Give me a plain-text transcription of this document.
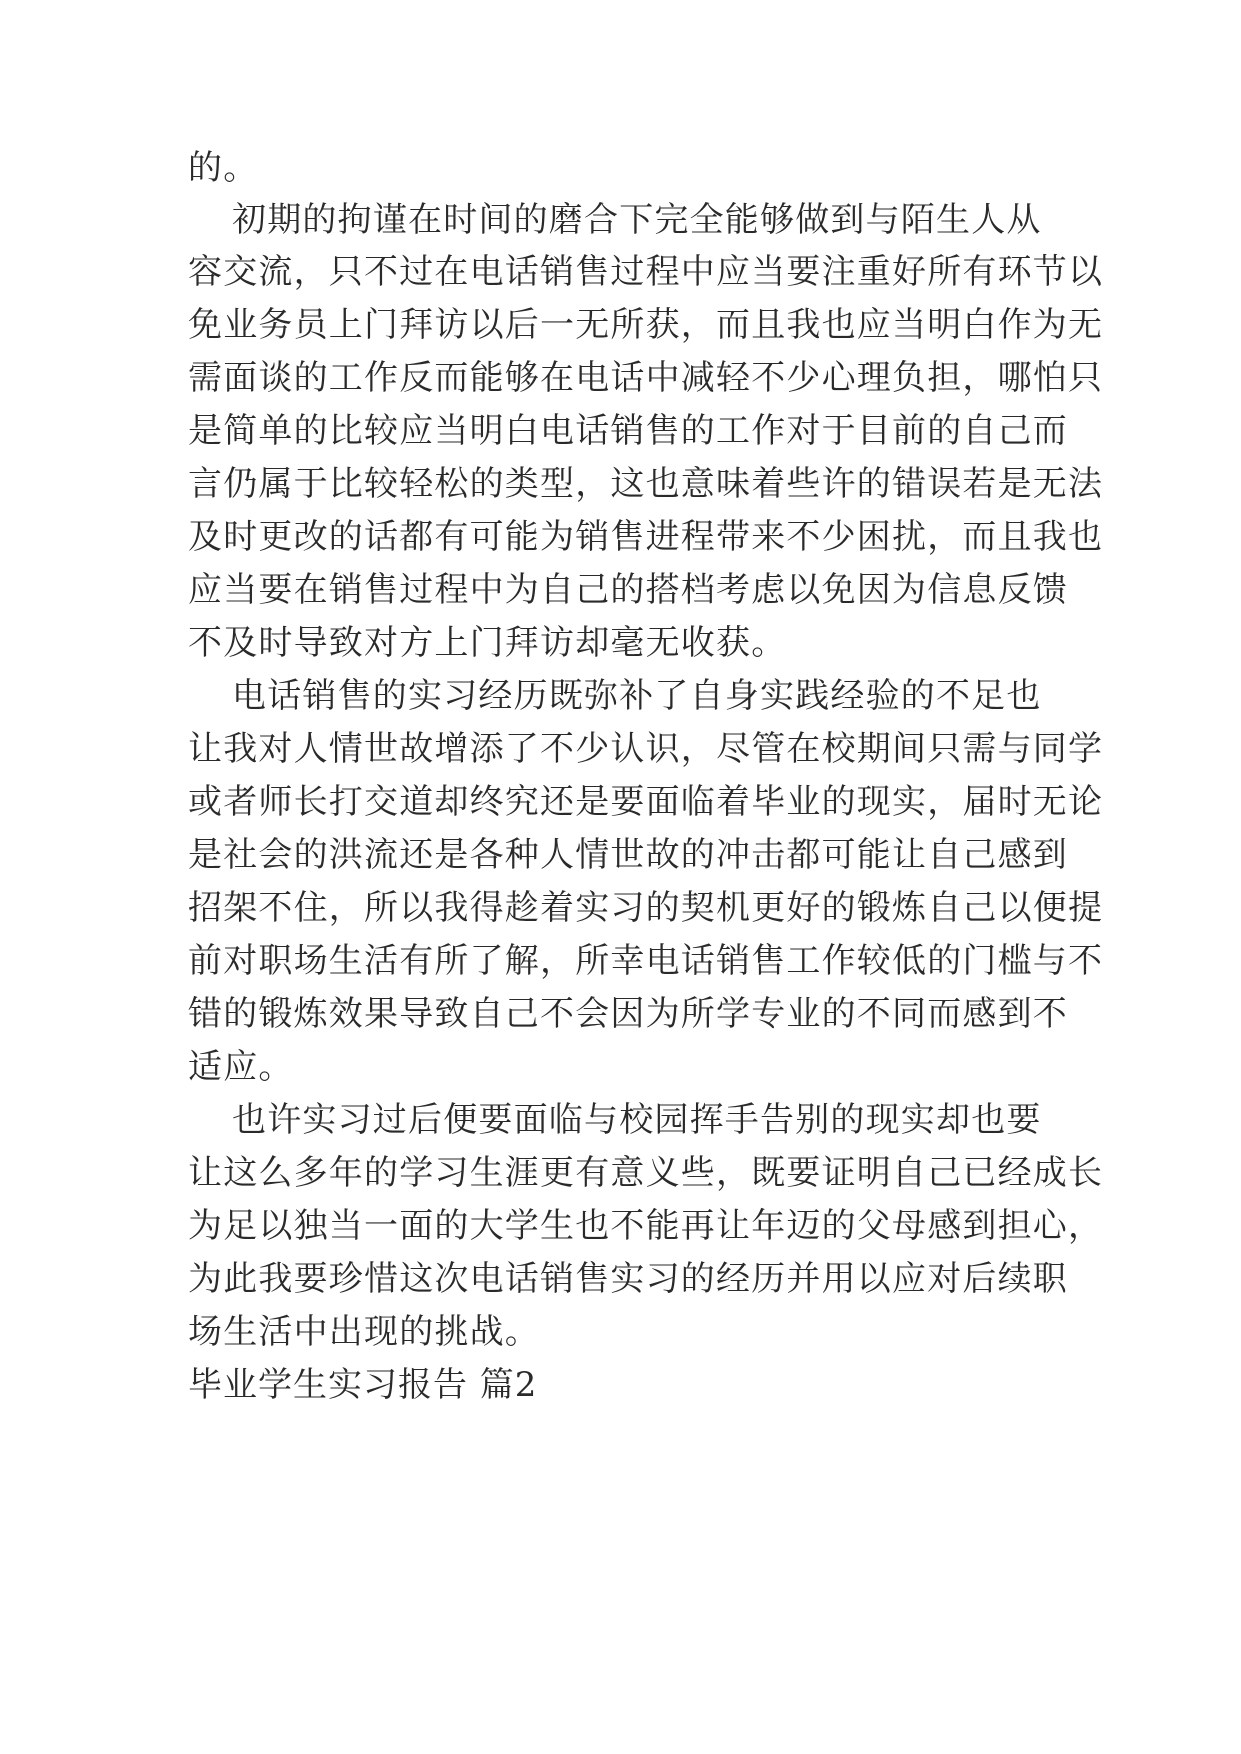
的。
初期的拘谨在时间的磨合下完全能够做到与陌生人从
容交流，只不过在电话销售过程中应当要注重好所有环节以
免业务员上门拜访以后一无所获，而且我也应当明白作为无
需面谈的工作反而能够在电话中减轻不少心理负担，哪怕只
是简单的比较应当明白电话销售的工作对于目前的自己而
言仍属于比较轻松的类型，这也意味着些许的错误若是无法
及时更改的话都有可能为销售进程带来不少困扰，而且我也
应当要在销售过程中为自己的搭档考虑以免因为信息反馈
不及时导致对方上门拜访却毫无收获。
电话销售的实习经历既弥补了自身实践经验的不足也
让我对人情世故增添了不少认识，尽管在校期间只需与同学
或者师长打交道却终究还是要面临着毕业的现实，届时无论
是社会的洪流还是各种人情世故的冲击都可能让自己感到
招架不住，所以我得趁着实习的契机更好的锻炼自己以便提
前对职场生活有所了解，所幸电话销售工作较低的门槛与不
错的锻炼效果导致自己不会因为所学专业的不同而感到不
适应。
也许实习过后便要面临与校园挥手告别的现实却也要
让这么多年的学习生涯更有意义些，既要证明自己已经成长
为足以独当一面的大学生也不能再让年迈的父母感到担心，
为此我要珍惜这次电话销售实习的经历并用以应对后续职
场生活中出现的挑战。
毕业学生实习报告 篇2
